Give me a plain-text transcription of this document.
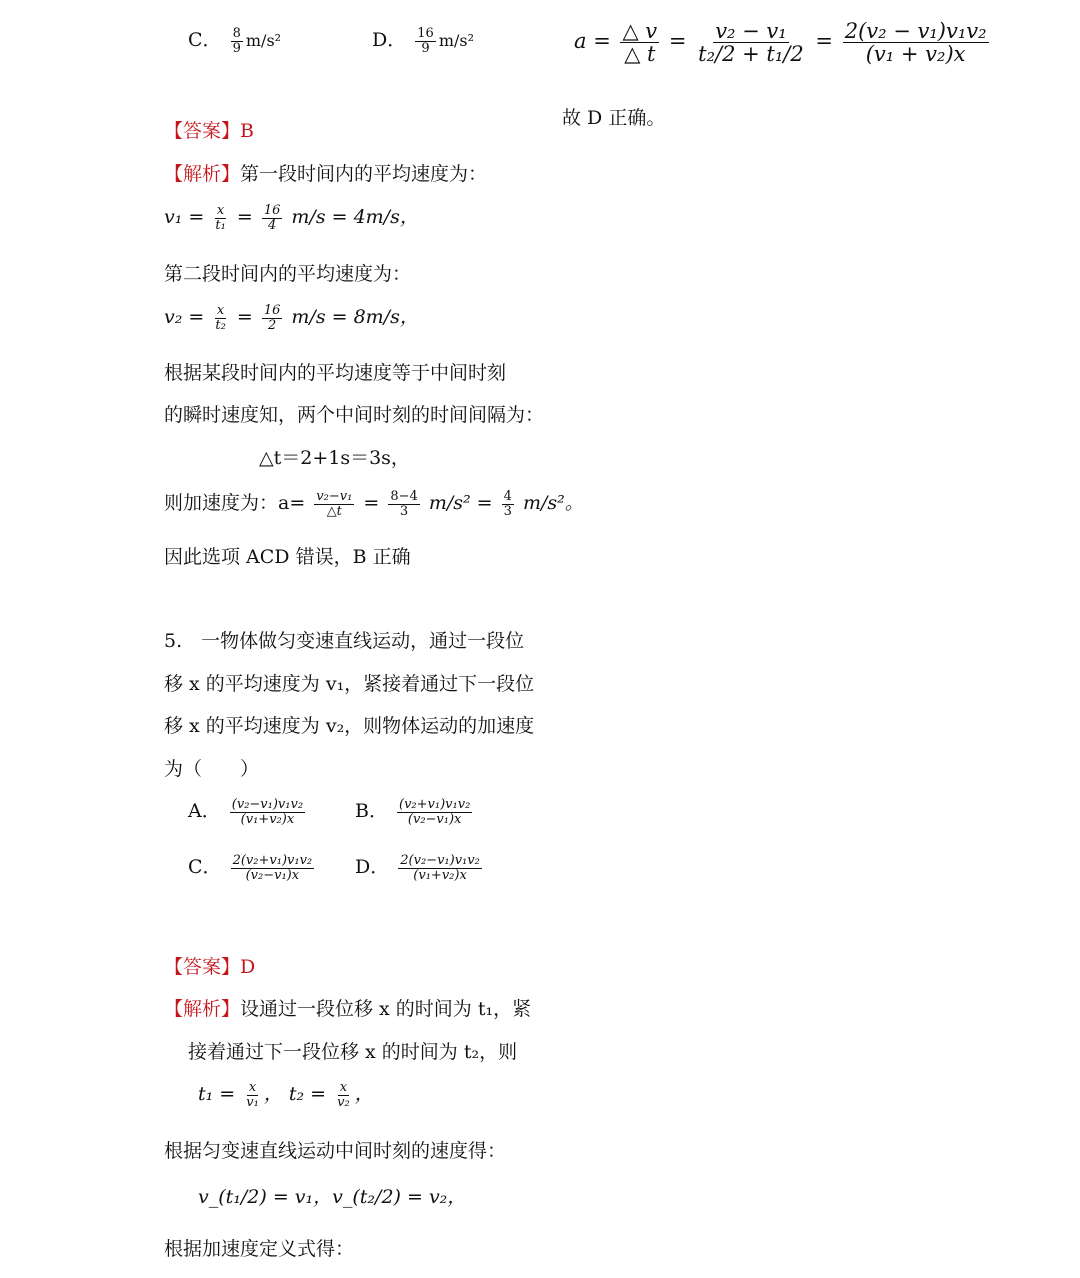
C． $\frac{8}{9} m/s^2$	D． $\frac{16}{9} m/s^2$
【答案】B
【解析】第一段时间内的平均速度为：
$v_1 = \frac{x}{\text{t₁}} = \frac{16}{4} m/s = 4m/s$，
第二段时间内的平均速度为：
$v_2 = \frac{x}{\text{t₂}} = \frac{16}{2} m/s = 8m/s$，
根据某段时间内的平均速度等于中间时刻
的瞬时速度知，两个中间时刻的时间间隔为：
△t＝2+1s＝3s，
则加速度为：$a= \frac{\text{v₂−v₁}}{\triangle t} = \frac{8-4}{3} m/s^2 = \frac{4}{3} m/s^2$。
因此选项 ACD 错误，B 正确
5.　一物体做匀变速直线运动，通过一段位
移 x 的平均速度为 v₁，紧接着通过下一段位
移 x 的平均速度为 v₂，则物体运动的加速度
为（　　）
A． $\frac{\text{(v₂−v₁)v₁v₂}}{\text{(v₁+v₂)x}}$	B． $\frac{\text{(v₂+v₁)v₁v₂}}{\text{(v₂−v₁)x}}$
C． $\frac{\text{2(v₂+v₁)v₁v₂}}{\text{(v₂−v₁)x}}$ D． $\frac{\text{2(v₂−v₁)v₁v₂}}{\text{(v₁+v₂)x}}$
【答案】D
【解析】设通过一段位移 x 的时间为 t₁，紧
接着通过下一段位移 x 的时间为 t₂，则
$t_1 = \frac{x}{\text{v₁}}$ ， $t_2 = \frac{x}{\text{v₂}}$ ，
根据匀变速直线运动中间时刻的速度得：
v_(t₁/2) = v₁，v_(t₂/2) = v₂，
根据加速度定义式得：
$a = \frac{\triangle v}{\triangle t} = \frac{\text{v₂ − v₁}}{\text{t₂/2 + t₁/2}} = \frac{\text{2(v₂ − v₁)v₁v₂}}{\text{(v₁ + v₂)x}}$
故 D 正确。
